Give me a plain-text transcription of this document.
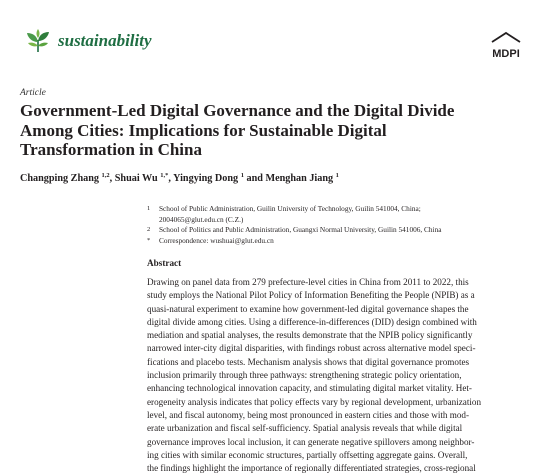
sustainability
MDPI
Article
Government-Led Digital Governance and the Digital Divide
Among Cities: Implications for Sustainable Digital
Transformation in China
Changping Zhang $^{1,2}$, Shuai Wu $^{1,*}$, Yingying Dong $^1$ and Menghan Jiang $^1$
1 School of Public Administration, Guilin University of Technology, Guilin 541004, China;
2004065@glut.edu.cn (C.Z.)
2 School of Politics and Public Administration, Guangxi Normal University, Guilin 541006, China
* Correspondence: wushuai@glut.edu.cn
Abstract
Drawing on panel data from 279 prefecture-level cities in China from 2011 to 2022, this
study employs the National Pilot Policy of Information Benefiting the People (NPIB) as a
quasi-natural experiment to examine how government-led digital governance shapes the
digital divide among cities. Using a difference-in-differences (DID) design combined with
mediation and spatial analyses, the results demonstrate that the NPIB policy significantly
narrowed inter-city digital disparities, with findings robust across alternative model speci-
fications and placebo tests. Mechanism analysis shows that digital governance promotes
inclusion primarily through three pathways: strengthening strategic policy orientation,
enhancing technological innovation capacity, and stimulating digital market vitality. Het-
erogeneity analysis indicates that policy effects vary by regional development, urbanization
level, and fiscal autonomy, being most pronounced in eastern cities and those with mod-
erate urbanization and fiscal self-sufficiency. Spatial analysis reveals that while digital
governance improves local inclusion, it can generate negative spillovers among neighbor-
ing cities with similar economic structures, partially offsetting aggregate gains. Overall,
the findings highlight the importance of regionally differentiated strategies, cross-regional
